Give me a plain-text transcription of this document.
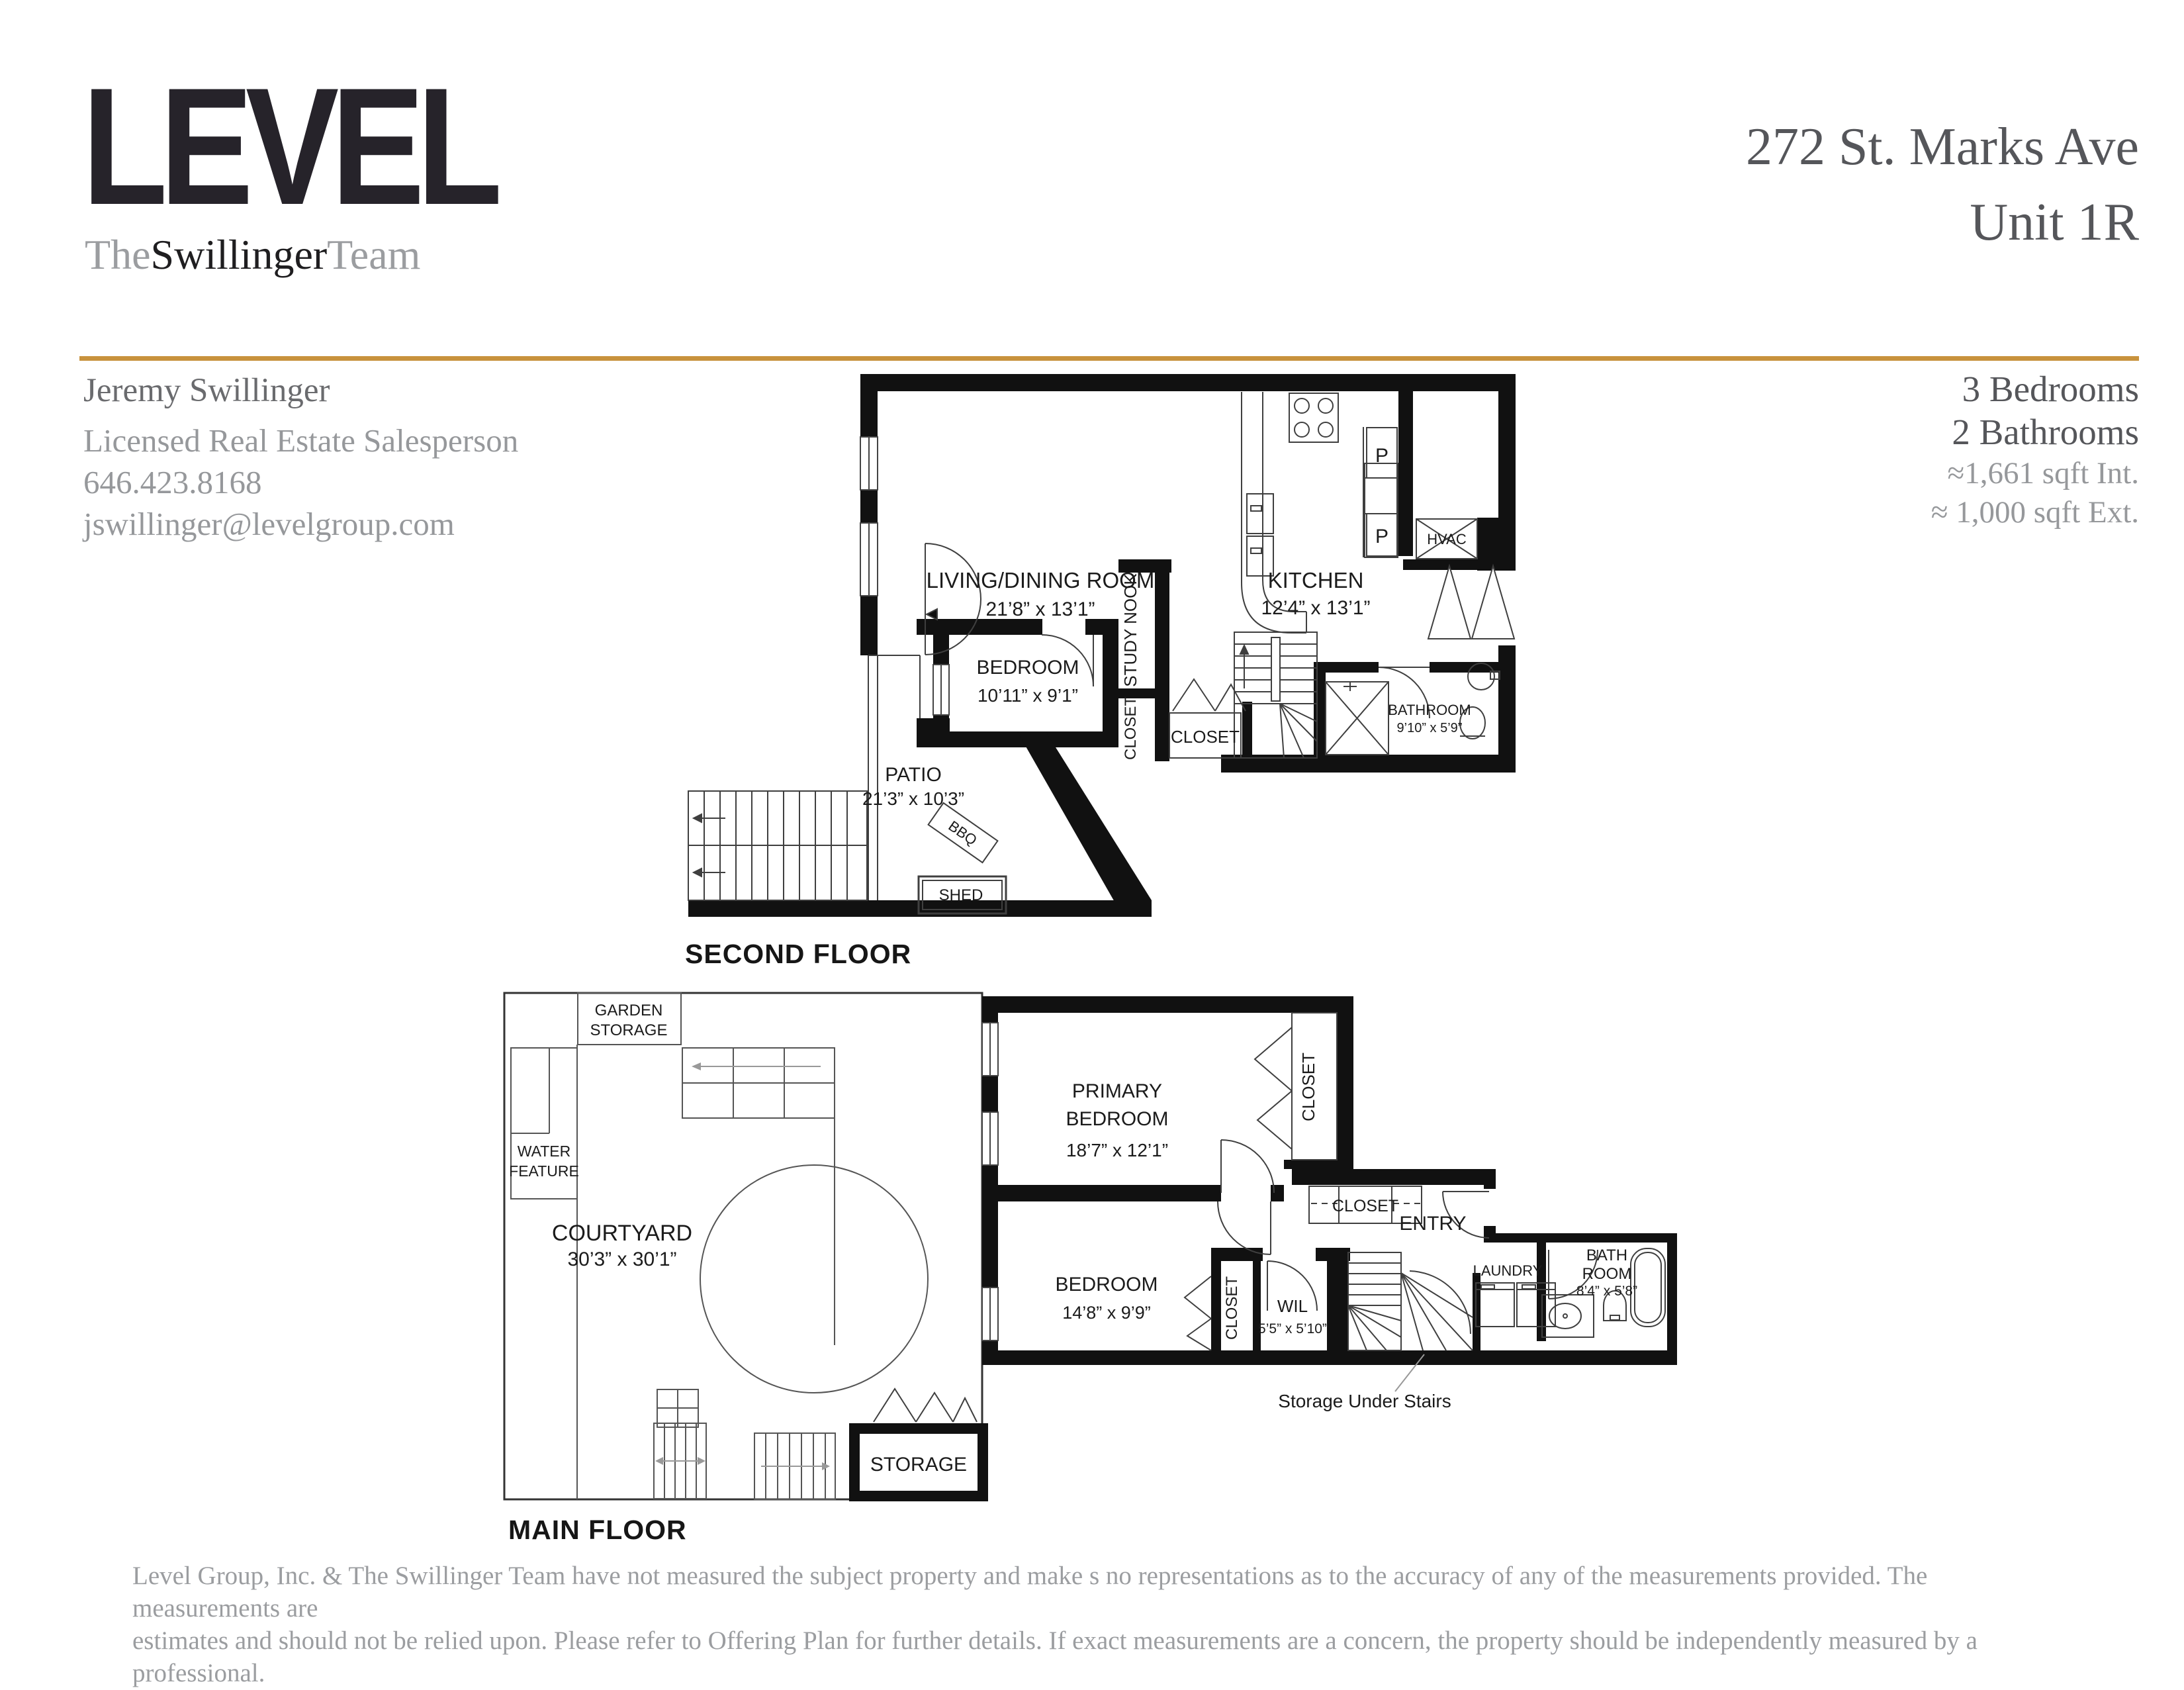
LEVEL
TheSwillingerTeam
272 St. Marks Ave
Unit 1R
Jeremy Swillinger
Licensed Real Estate Salesperson
646.423.8168
jswillinger@levelgroup.com
3 Bedrooms
2 Bathrooms
≈1,661 sqft Int.
≈ 1,000 sqft Ext.
BBQ
LIVING/DINING ROOM
21’8” x 13’1”
KITCHEN
12’4” x 13’1”
P
P	HVAC
BEDROOM
10’11” x 9’1”
STUDY NOOK
CLOSET CLOSET
BATHROOM
9’10” x 5’9”
PATIO
21’3” x 10’3”
SHED
SECOND FLOOR
GARDEN
STORAGE
WATER
FEATURE
COURTYARD
30’3” x 30’1”
PRIMARY
BEDROOM
18’7” x 12’1”
CLOSET
CLOSET
ENTRY
BEDROOM
14’8” x 9’9”	CLOSET WIL
5’5” x 5’10”
LAUNDRY
BATH
ROOM
8’4” x 5’8”
STORAGE
Storage Under Stairs
MAIN FLOOR
Level Group, Inc. & The Swillinger Team have not measured the subject property and make s no representations as to the accuracy of any of the measurements provided. The measurements are
estimates and should not be relied upon. Please refer to Offering Plan for further details. If exact measurements are a concern, the property should be independently measured by a professional.
